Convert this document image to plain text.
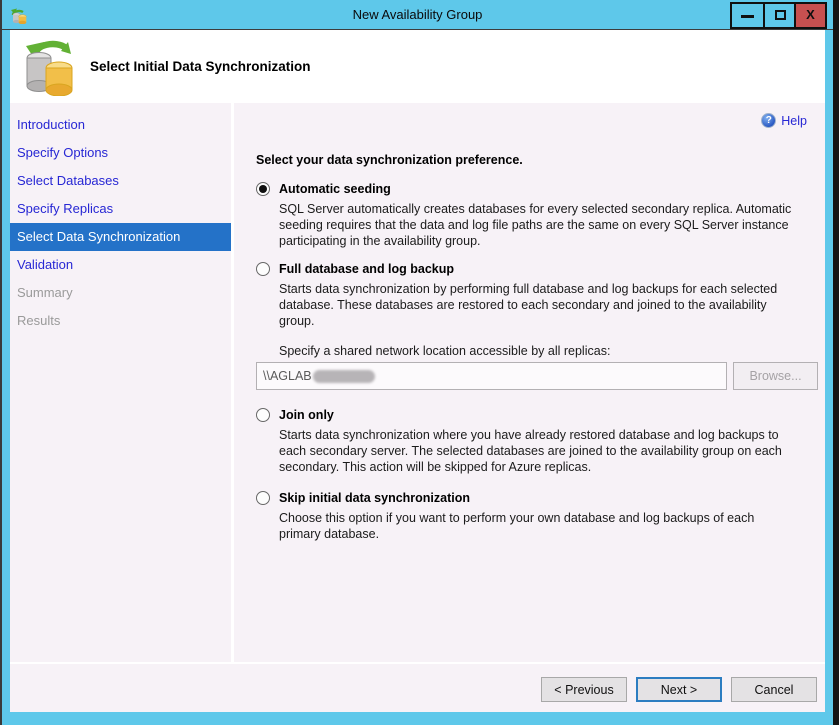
New Availability Group	X
Select Initial Data Synchronization
Introduction
Specify Options
Select Databases
Specify Replicas
Select Data Synchronization
Validation
Summary
Results
? Help
Select your data synchronization preference.
Automatic seeding
SQL Server automatically creates databases for every selected secondary replica. Automatic seeding requires that the data and log file paths are the same on every SQL Server instance participating in the availability group.
Full database and log backup
Starts data synchronization by performing full database and log backups for each selected database. These databases are restored to each secondary and joined to the availability group.
Specify a shared network location accessible by all replicas:
\\AGLAB	Browse...
Join only
Starts data synchronization where you have already restored database and log backups to each secondary server. The selected databases are joined to the availability group on each secondary. This action will be skipped for Azure replicas.
Skip initial data synchronization
Choose this option if you want to perform your own database and log backups of each primary database.
< Previous	Next >	Cancel
